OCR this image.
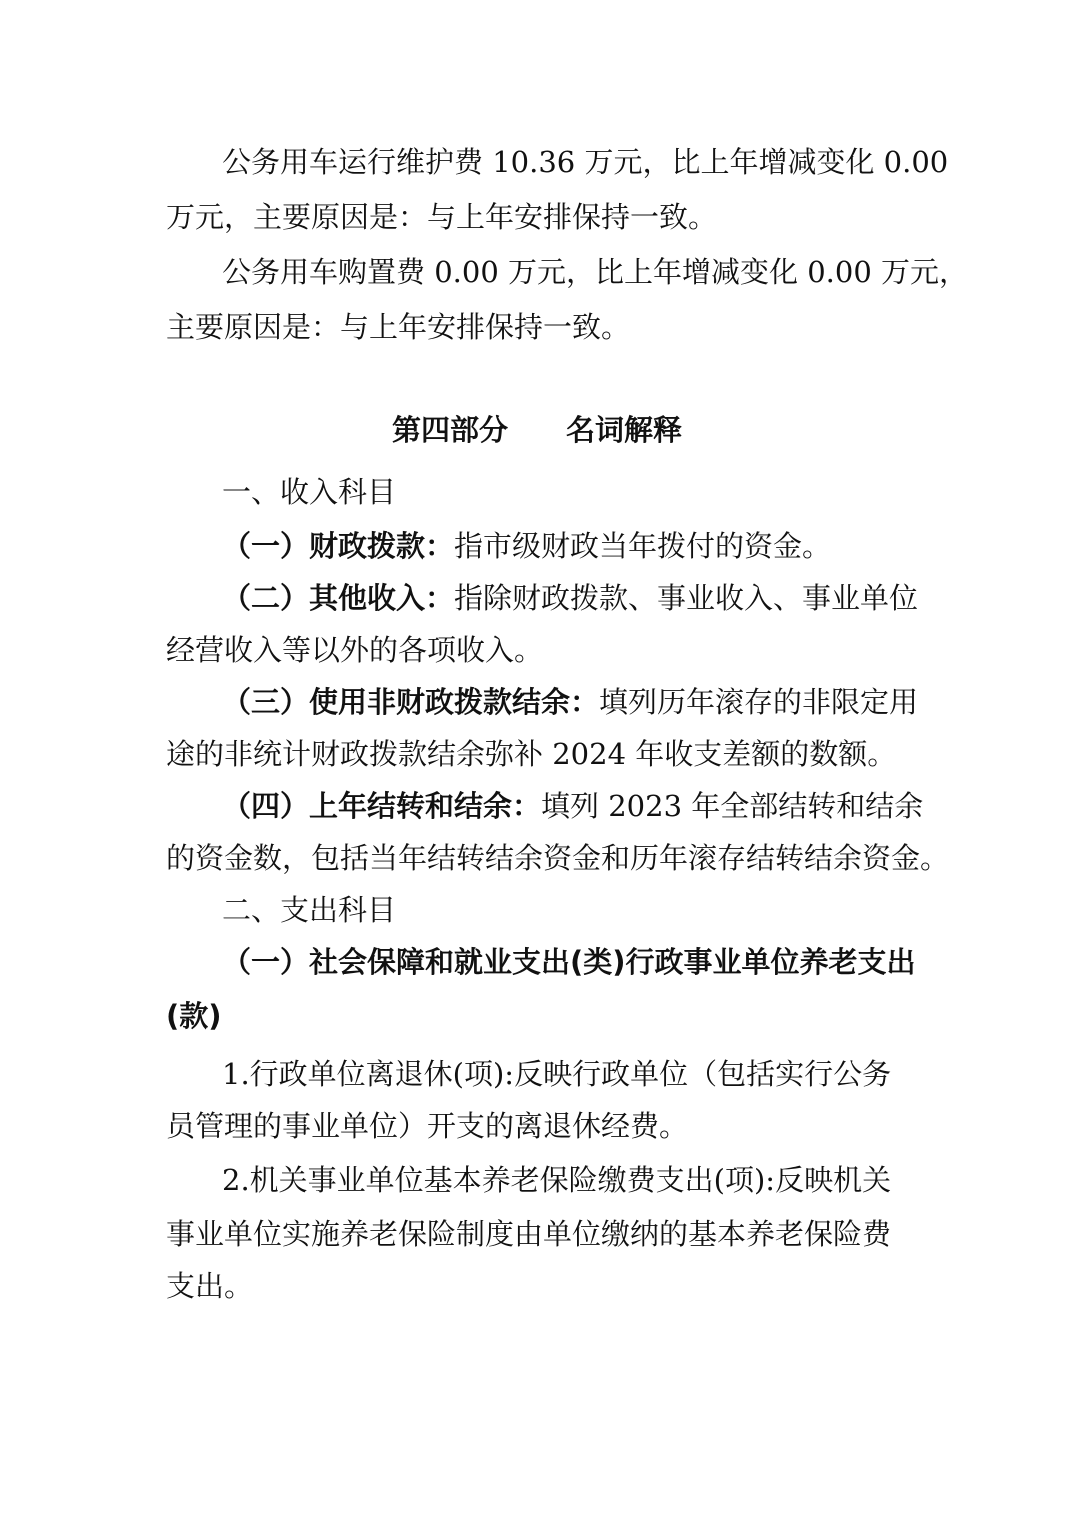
公务用车运行维护费 10.36 万元，比上年增减变化 0.00
万元，主要原因是：与上年安排保持一致。
公务用车购置费 0.00 万元，比上年增减变化 0.00 万元，
主要原因是：与上年安排保持一致。
第四部分　　名词解释
一、收入科目
（一）财政拨款：指市级财政当年拨付的资金。
（二）其他收入：指除财政拨款、事业收入、事业单位
经营收入等以外的各项收入。
（三）使用非财政拨款结余：填列历年滚存的非限定用
途的非统计财政拨款结余弥补 2024 年收支差额的数额。
（四）上年结转和结余：填列 2023 年全部结转和结余
的资金数，包括当年结转结余资金和历年滚存结转结余资金。
二、支出科目
（一）社会保障和就业支出(类)行政事业单位养老支出
(款)
1.行政单位离退休(项):反映行政单位（包括实行公务
员管理的事业单位）开支的离退休经费。
2.机关事业单位基本养老保险缴费支出(项):反映机关
事业单位实施养老保险制度由单位缴纳的基本养老保险费
支出。
